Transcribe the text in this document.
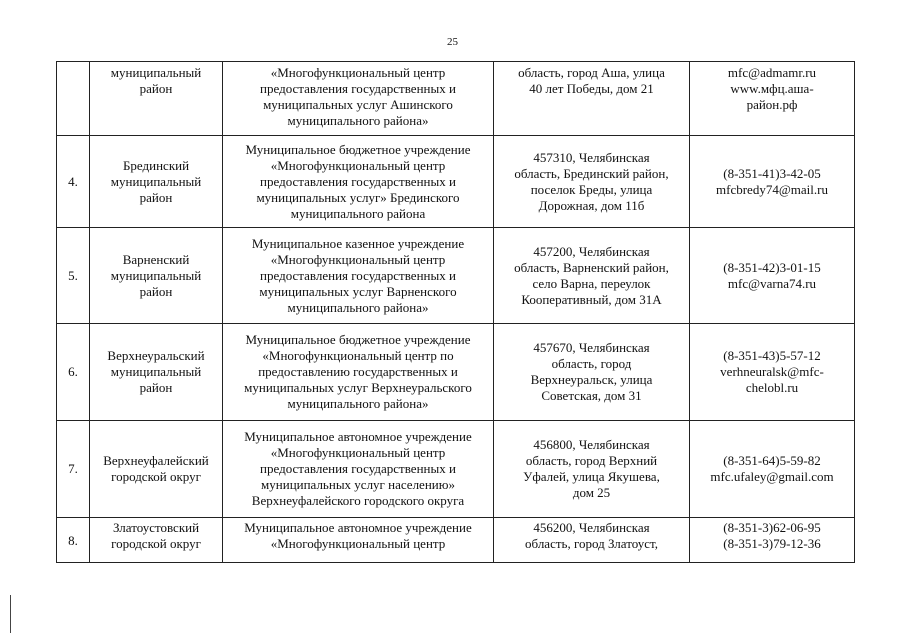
25

	муниципальный
район	«Многофункциональный центр
предоставления государственных и
муниципальных услуг Ашинского
муниципального района»	область, город Аша, улица
40 лет Победы, дом 21	mfc@admamr.ru
www.мфц.аша-
район.рф

4.	Брединский
муниципальный
район	Муниципальное бюджетное учреждение
«Многофункциональный центр
предоставления государственных и
муниципальных услуг» Брединского
муниципального района	457310, Челябинская
область, Брединский район,
поселок Бреды, улица
Дорожная, дом 11б	(8-351-41)3-42-05
mfcbredy74@mail.ru

5.	Варненский
муниципальный
район	Муниципальное казенное учреждение
«Многофункциональный центр
предоставления государственных и
муниципальных услуг Варненского
муниципального района»	457200, Челябинская
область, Варненский район,
село Варна, переулок
Кооперативный, дом 31А	(8-351-42)3-01-15
mfc@varna74.ru

6.	Верхнеуральский
муниципальный
район	Муниципальное бюджетное учреждение
«Многофункциональный центр по
предоставлению государственных и
муниципальных услуг Верхнеуральского
муниципального района»	457670, Челябинская
область, город
Верхнеуральск, улица
Советская, дом 31	(8-351-43)5-57-12
verhneuralsk@mfc-
chelobl.ru

7.	Верхнеуфалейский
городской округ	Муниципальное автономное учреждение
«Многофункциональный центр
предоставления государственных и
муниципальных услуг населению»
Верхнеуфалейского городского округа	456800, Челябинская
область, город Верхний
Уфалей, улица Якушева,
дом 25	(8-351-64)5-59-82
mfc.ufaley@gmail.com

8.	Златоустовский
городской округ	Муниципальное автономное учреждение
«Многофункциональный центр	456200, Челябинская
область, город Златоуст,	(8-351-3)62-06-95
(8-351-3)79-12-36
